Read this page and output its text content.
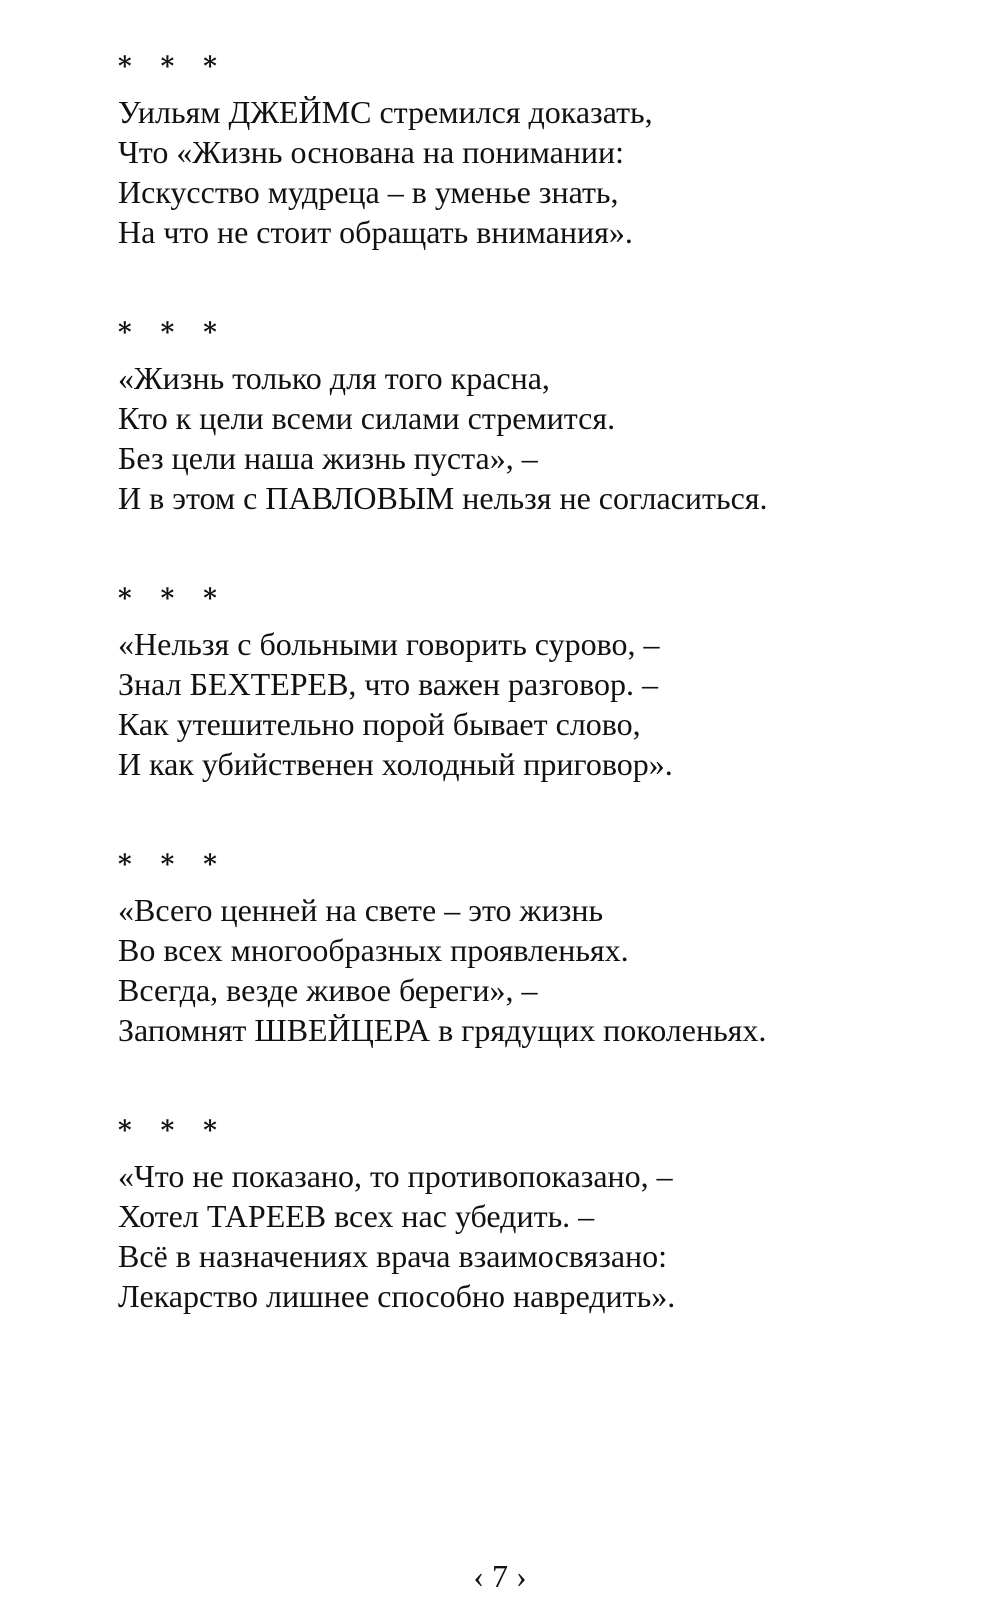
* * *
Уильям ДЖЕЙМС стремился доказать,
Что «Жизнь основана на понимании:
Искусство мудреца – в уменье знать,
На что не стоит обращать внимания».
* * *
«Жизнь только для того красна,
Кто к цели всеми силами стремится.
Без цели наша жизнь пуста», –
И в этом с ПАВЛОВЫМ нельзя не согласиться.
* * *
«Нельзя с больными говорить сурово, –
Знал БЕХТЕРЕВ, что важен разговор. –
Как утешительно порой бывает слово,
И как убийственен холодный приговор».
* * *
«Всего ценней на свете – это жизнь
Во всех многообразных проявленьях.
Всегда, везде живое береги», –
Запомнят ШВЕЙЦЕРА в грядущих поколеньях.
* * *
«Что не показано, то противопоказано, –
Хотел ТАРЕЕВ всех нас убедить. –
Всё в назначениях врача взаимосвязано:
Лекарство лишнее способно навредить».
‹ 7 ›
